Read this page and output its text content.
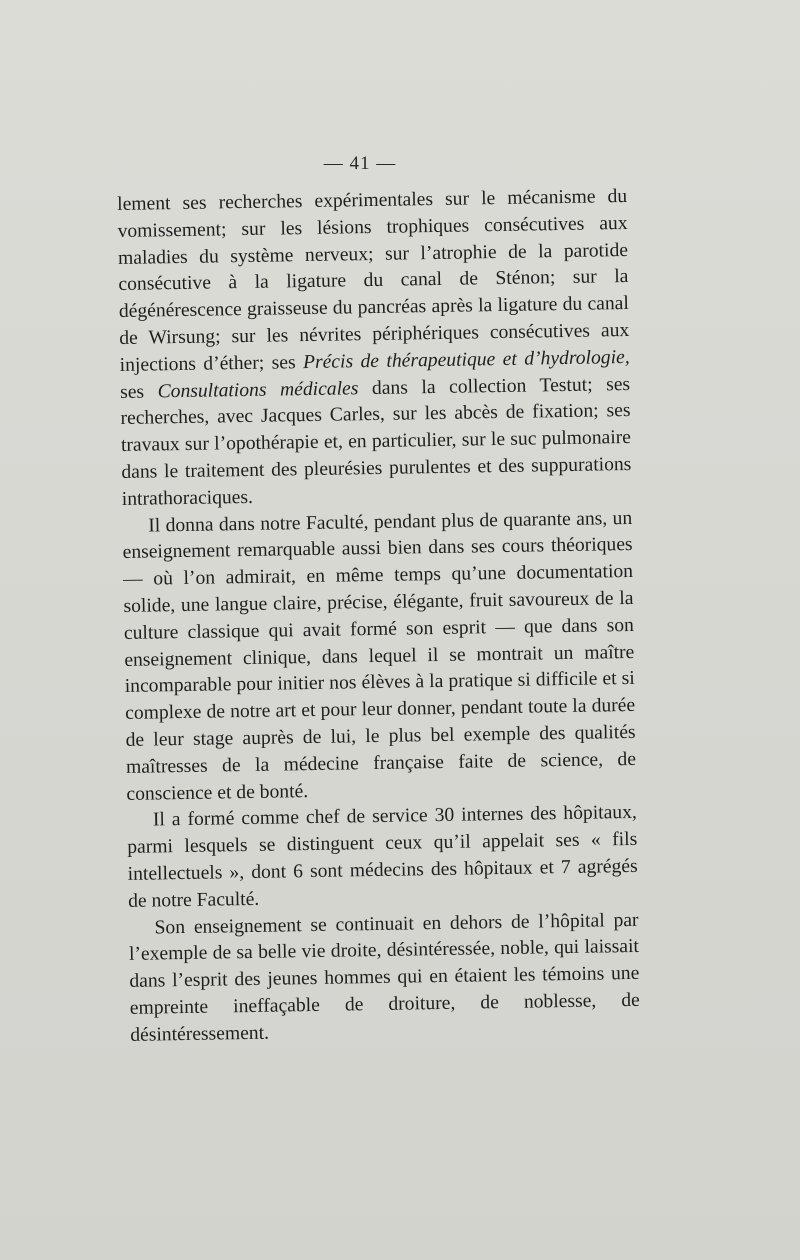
— 41 —

lement ses recherches expérimentales sur le mécanisme du vomissement; sur les lésions trophiques consécutives aux maladies du système nerveux; sur l’atrophie de la parotide consécutive à la ligature du canal de Sténon; sur la dégénérescence graisseuse du pancréas après la ligature du canal de Wirsung; sur les névrites périphériques consécutives aux injections d’éther; ses Précis de thérapeutique et d’hydrologie, ses Consultations médicales dans la collection Testut; ses recherches, avec Jacques Carles, sur les abcès de fixation; ses travaux sur l’opothérapie et, en particulier, sur le suc pulmonaire dans le traitement des pleurésies purulentes et des suppurations intrathoraciques.

Il donna dans notre Faculté, pendant plus de quarante ans, un enseignement remarquable aussi bien dans ses cours théoriques — où l’on admirait, en même temps qu’une documentation solide, une langue claire, précise, élégante, fruit savoureux de la culture classique qui avait formé son esprit — que dans son enseignement clinique, dans lequel il se montrait un maître incomparable pour initier nos élèves à la pratique si difficile et si complexe de notre art et pour leur donner, pendant toute la durée de leur stage auprès de lui, le plus bel exemple des qualités maîtresses de la médecine française faite de science, de conscience et de bonté.

Il a formé comme chef de service 30 internes des hôpitaux, parmi lesquels se distinguent ceux qu’il appelait ses « fils intellectuels », dont 6 sont médecins des hôpitaux et 7 agrégés de notre Faculté.

Son enseignement se continuait en dehors de l’hôpital par l’exemple de sa belle vie droite, désintéressée, noble, qui laissait dans l’esprit des jeunes hommes qui en étaient les témoins une empreinte ineffaçable de droiture, de noblesse, de désintéressement.
